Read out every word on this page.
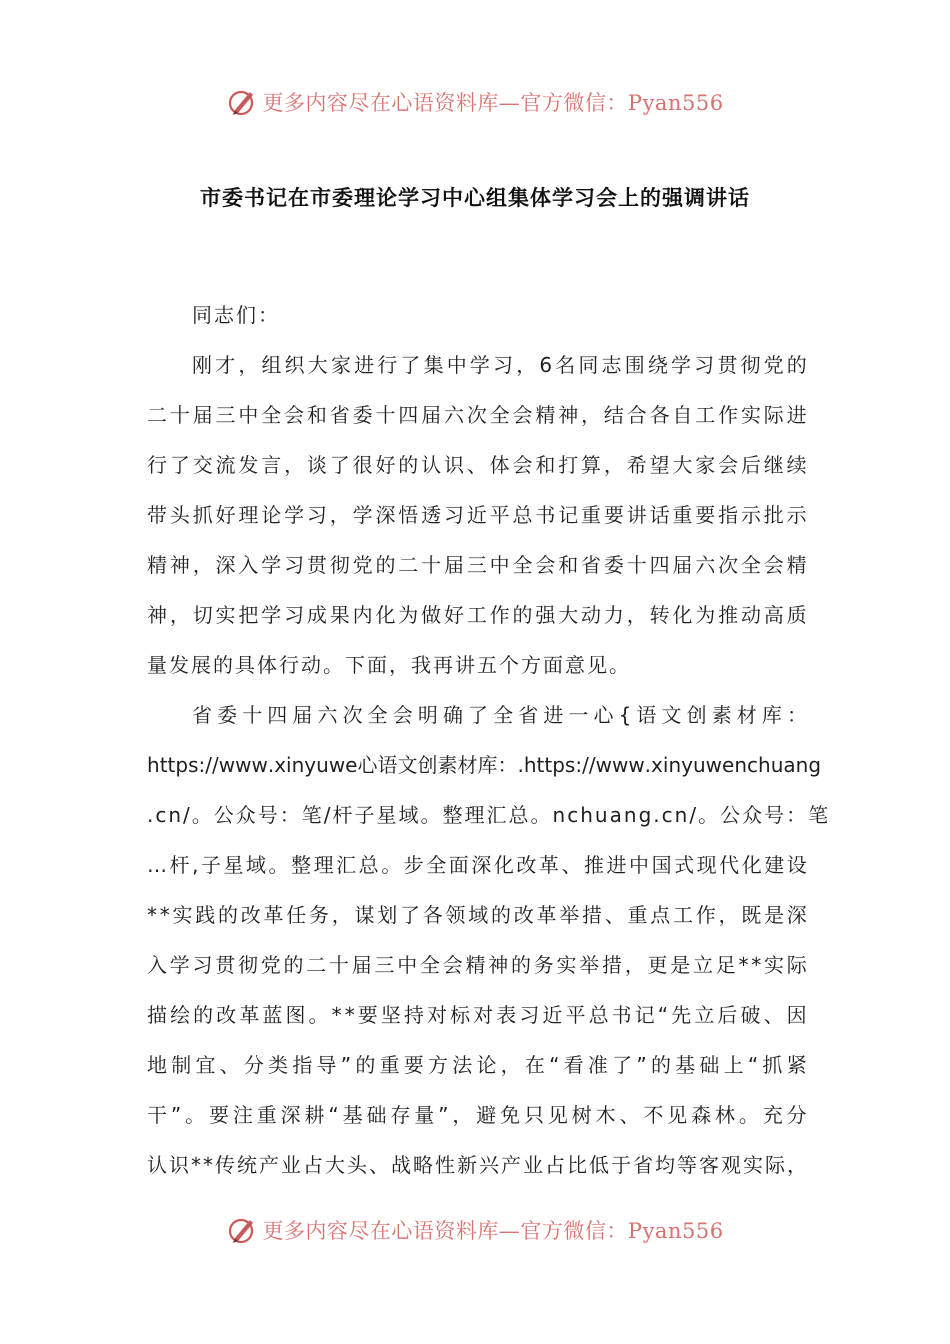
更多内容尽在心语资料库—官方微信：Pyan556
市委书记在市委理论学习中心组集体学习会上的强调讲话
同志们：
刚 才 ， 组 织 大 家 进 行 了 集 中 学 习 ， 6 名 同 志 围 绕 学 习 贯 彻 党 的
二 十 届 三 中 全 会 和 省 委 十 四 届 六 次 全 会 精 神 ， 结 合 各 自 工 作 实 际 进
行 了 交 流 发 言 ， 谈 了 很 好 的 认 识 、 体 会 和 打 算 ， 希 望 大 家 会 后 继 续
带 头 抓 好 理 论 学 习 ， 学 深 悟 透 习 近 平 总 书 记 重 要 讲 话 重 要 指 示 批 示
精 神 ， 深 入 学 习 贯 彻 党 的 二 十 届 三 中 全 会 和 省 委 十 四 届 六 次 全 会 精
神 ， 切 实 把 学 习 成 果 内 化 为 做 好 工 作 的 强 大 动 力 ， 转 化 为 推 动 高 质
量发展的具体行动。下面，我再讲五个方面意见。
省 委 十 四 届 六 次 全 会 明 确 了 全 省 进 一 心 { 语 文 创 素 材 库 ：
h t t p s : / / w w w . x i n y u w e 心 语 文 创 素 材 库 ： . h t t p s : / / w w w . x i n y u w e n c h u a n g
. c n / 。 公 众 号 ： 笔 / 杆 子 星 域 。 整 理 汇 总 。 n c h u a n g . c n / 。 公 众 号 ： 笔
… 杆 , 子 星 域 。 整 理 汇 总 。 步 全 面 深 化 改 革 、 推 进 中 国 式 现 代 化 建 设
* * 实 践 的 改 革 任 务 ， 谋 划 了 各 领 域 的 改 革 举 措 、 重 点 工 作 ， 既 是 深
入 学 习 贯 彻 党 的 二 十 届 三 中 全 会 精 神 的 务 实 举 措 ， 更 是 立 足 * * 实 际
描 绘 的 改 革 蓝 图 。 * * 要 坚 持 对 标 对 表 习 近 平 总 书 记 “ 先 立 后 破 、 因
地 制 宜 、 分 类 指 导 ” 的 重 要 方 法 论 ， 在 “ 看 准 了 ” 的 基 础 上 “ 抓 紧
干 ” 。 要 注 重 深 耕 “ 基 础 存 量 ” ， 避 免 只 见 树 木 、 不 见 森 林 。 充 分
认 识 * * 传 统 产 业 占 大 头 、 战 略 性 新 兴 产 业 占 比 低 于 省 均 等 客 观 实 际 ，
更多内容尽在心语资料库—官方微信：Pyan556
